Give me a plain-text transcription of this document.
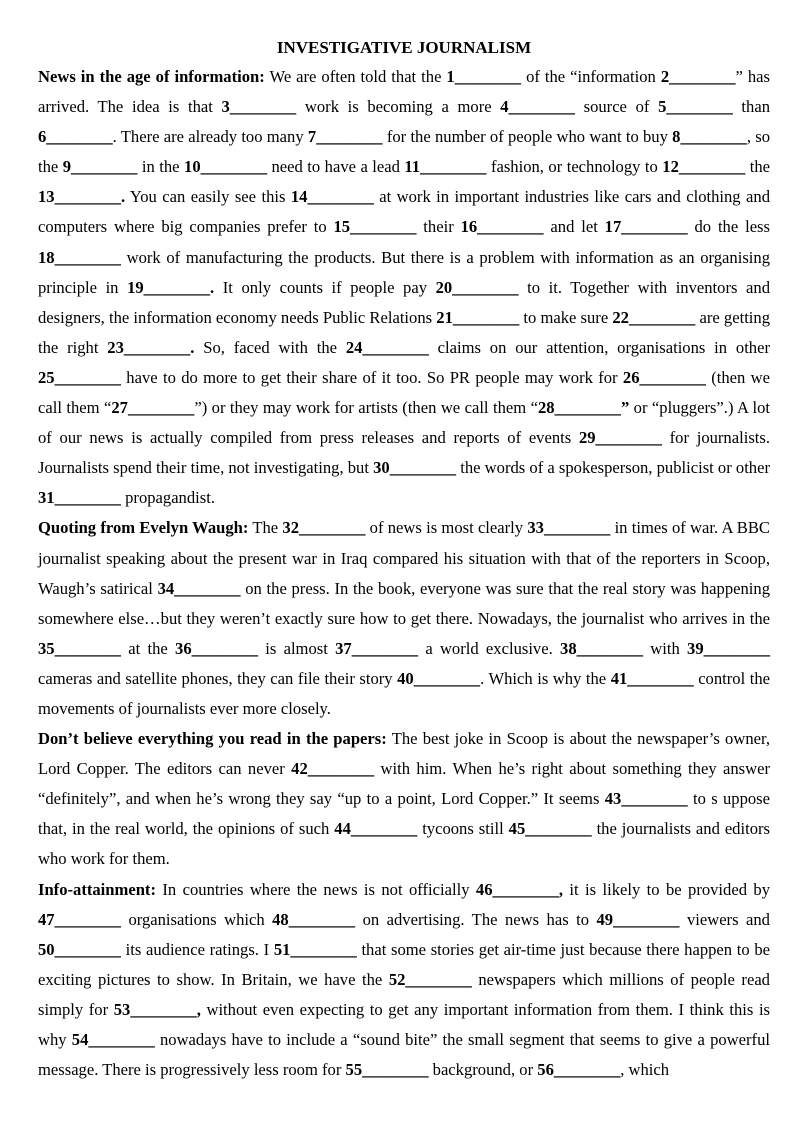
INVESTIGATIVE JOURNALISM

News in the age of information: We are often told that the 1________ of the “information 2________” has arrived. The idea is that 3________ work is becoming a more 4________ source of 5________ than 6________. There are already too many 7________ for the number of people who want to buy 8________, so the 9________ in the 10________ need to have a lead 11________ fashion, or technology to 12________ the 13________. You can easily see this 14________ at work in important industries like cars and clothing and computers where big companies prefer to 15________ their 16________ and let 17________ do the less 18________ work of manufacturing the products. But there is a problem with information as an organising principle in 19________. It only counts if people pay 20________ to it. Together with inventors and designers, the information economy needs Public Relations 21________ to make sure 22________ are getting the right 23________. So, faced with the 24________ claims on our attention, organisations in other 25________ have to do more to get their share of it too. So PR people may work for 26________ (then we call them “27________”) or they may work for artists (then we call them “28________” or “pluggers”.) A lot of our news is actually compiled from press releases and reports of events 29________ for journalists. Journalists spend their time, not investigating, but 30________ the words of a spokesperson, publicist or other 31________ propagandist.

Quoting from Evelyn Waugh: The 32________ of news is most clearly 33________ in times of war. A BBC journalist speaking about the present war in Iraq compared his situation with that of the reporters in Scoop, Waugh’s satirical 34________ on the press. In the book, everyone was sure that the real story was happening somewhere else…but they weren’t exactly sure how to get there. Nowadays, the journalist who arrives in the 35________ at the 36________ is almost 37________ a world exclusive. 38________ with 39________ cameras and satellite phones, they can file their story 40________. Which is why the 41________ control the movements of journalists ever more closely.

Don’t believe everything you read in the papers: The best joke in Scoop is about the newspaper’s owner, Lord Copper. The editors can never 42________ with him. When he’s right about something they answer “definitely”, and when he’s wrong they say “up to a point, Lord Copper.” It seems 43________ to s uppose that, in the real world, the opinions of such 44________ tycoons still 45________ the journalists and editors who work for them.

Info-attainment: In countries where the news is not officially 46________, it is likely to be provided by 47________ organisations which 48________ on advertising. The news has to 49________ viewers and 50________ its audience ratings. I 51________ that some stories get air-time just because there happen to be exciting pictures to show. In Britain, we have the 52________ newspapers which millions of people read simply for 53________, without even expecting to get any important information from them. I think this is why 54________ nowadays have to include a “sound bite” the small segment that seems to give a powerful message. There is progressively less room for 55________ background, or 56________, which
